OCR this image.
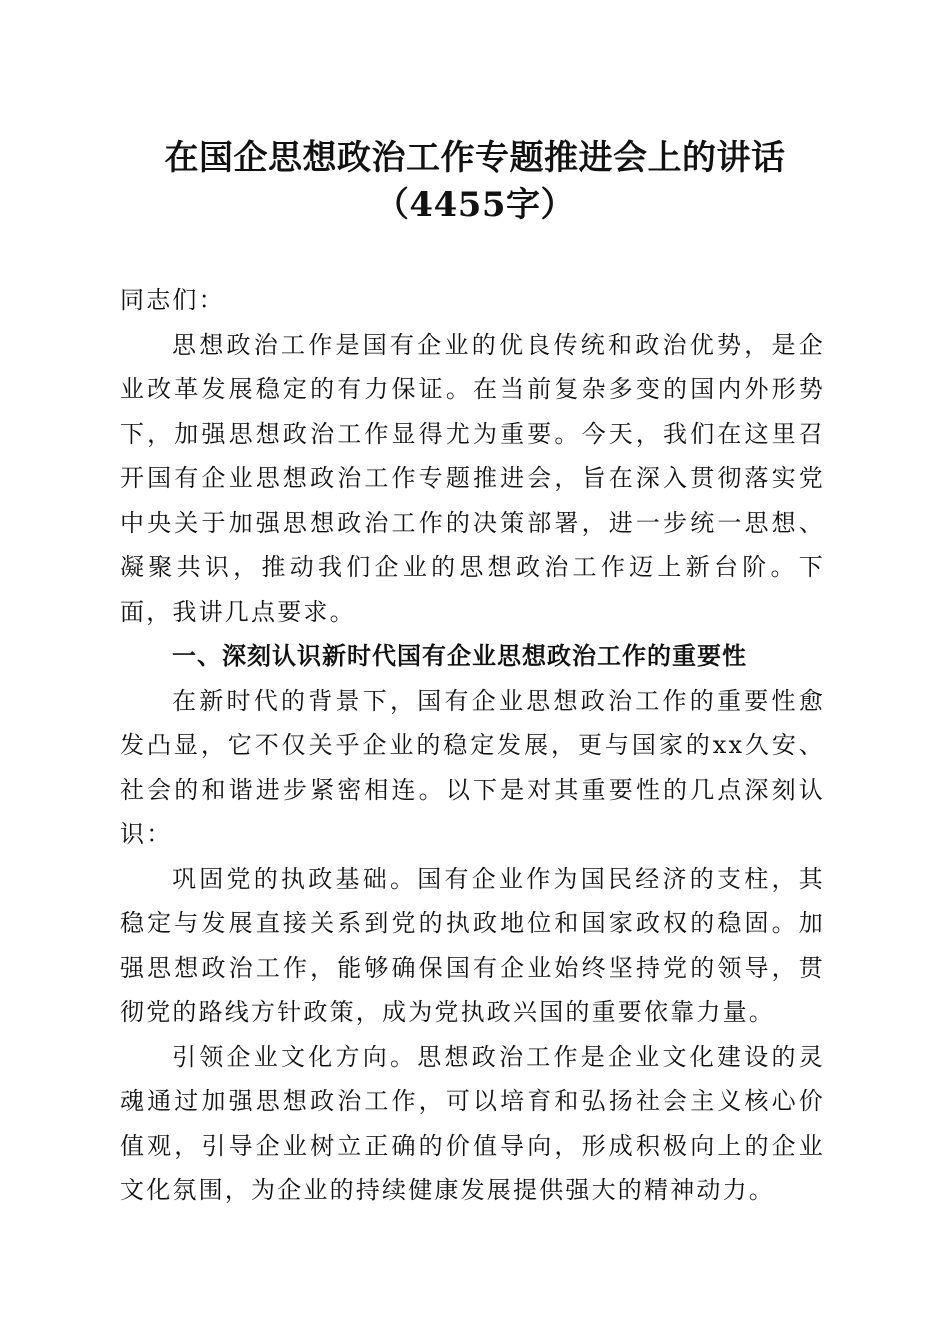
在国企思想政治工作专题推进会上的讲话
（4455字）

同志们：

思想政治工作是国有企业的优良传统和政治优势，是企业改革发展稳定的有力保证。在当前复杂多变的国内外形势下，加强思想政治工作显得尤为重要。今天，我们在这里召开国有企业思想政治工作专题推进会，旨在深入贯彻落实党中央关于加强思想政治工作的决策部署，进一步统一思想、凝聚共识，推动我们企业的思想政治工作迈上新台阶。下面，我讲几点要求。

一、深刻认识新时代国有企业思想政治工作的重要性

在新时代的背景下，国有企业思想政治工作的重要性愈发凸显，它不仅关乎企业的稳定发展，更与国家的xx久安、社会的和谐进步紧密相连。以下是对其重要性的几点深刻认识：

巩固党的执政基础。国有企业作为国民经济的支柱，其稳定与发展直接关系到党的执政地位和国家政权的稳固。加强思想政治工作，能够确保国有企业始终坚持党的领导，贯彻党的路线方针政策，成为党执政兴国的重要依靠力量。

引领企业文化方向。思想政治工作是企业文化建设的灵魂通过加强思想政治工作，可以培育和弘扬社会主义核心价值观，引导企业树立正确的价值导向，形成积极向上的企业文化氛围，为企业的持续健康发展提供强大的精神动力。
